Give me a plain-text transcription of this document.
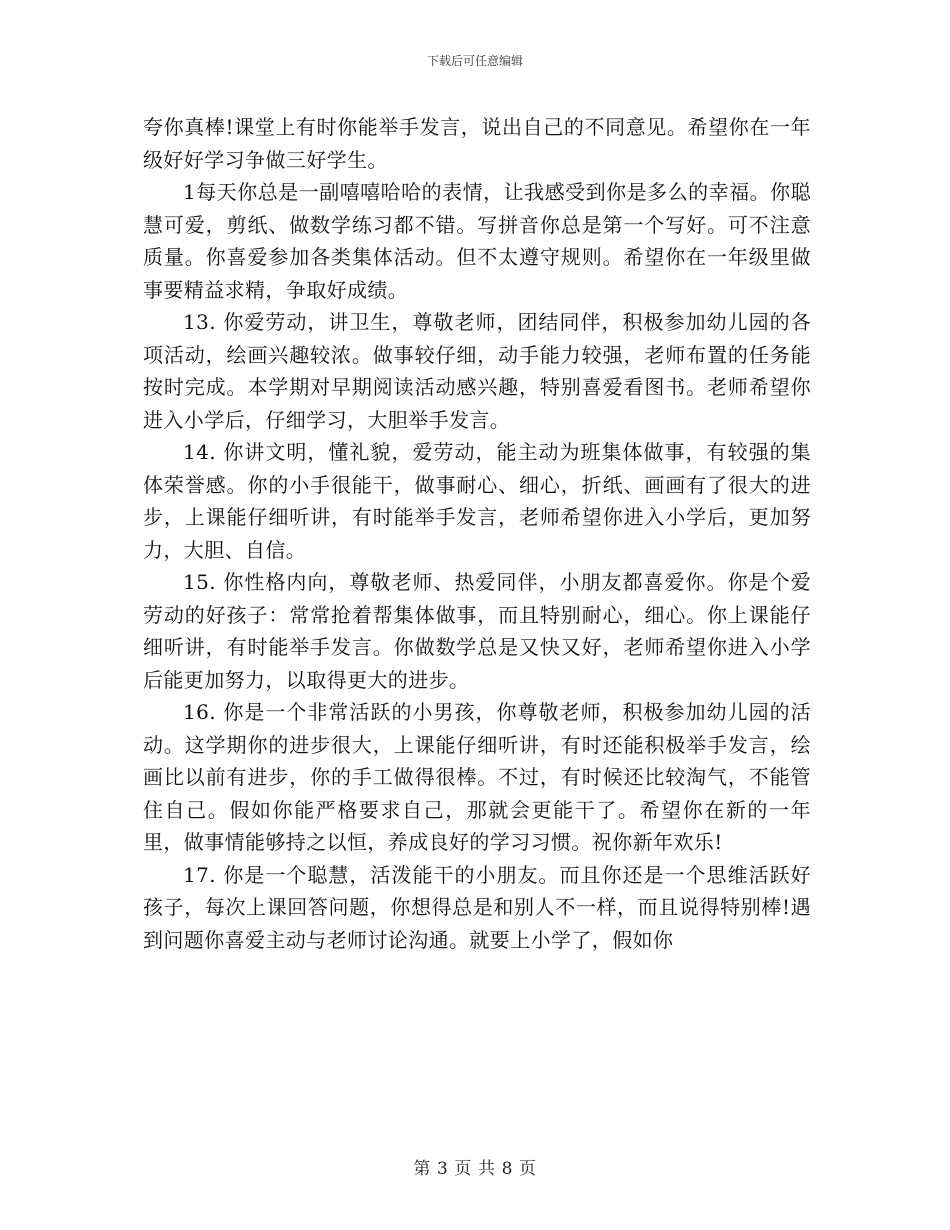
下载后可任意编辑

夸你真棒!课堂上有时你能举手发言，说出自己的不同意见。希望你在一年级好好学习争做三好学生。

1每天你总是一副嘻嘻哈哈的表情，让我感受到你是多么的幸福。你聪慧可爱，剪纸、做数学练习都不错。写拼音你总是第一个写好。可不注意质量。你喜爱参加各类集体活动。但不太遵守规则。希望你在一年级里做事要精益求精，争取好成绩。

13. 你爱劳动，讲卫生，尊敬老师，团结同伴，积极参加幼儿园的各项活动，绘画兴趣较浓。做事较仔细，动手能力较强，老师布置的任务能按时完成。本学期对早期阅读活动感兴趣，特别喜爱看图书。老师希望你进入小学后，仔细学习，大胆举手发言。

14. 你讲文明，懂礼貌，爱劳动，能主动为班集体做事，有较强的集体荣誉感。你的小手很能干，做事耐心、细心，折纸、画画有了很大的进步，上课能仔细听讲，有时能举手发言，老师希望你进入小学后，更加努力，大胆、自信。

15. 你性格内向，尊敬老师、热爱同伴，小朋友都喜爱你。你是个爱劳动的好孩子：常常抢着帮集体做事，而且特别耐心，细心。你上课能仔细听讲，有时能举手发言。你做数学总是又快又好，老师希望你进入小学后能更加努力，以取得更大的进步。

16. 你是一个非常活跃的小男孩，你尊敬老师，积极参加幼儿园的活动。这学期你的进步很大，上课能仔细听讲，有时还能积极举手发言，绘画比以前有进步，你的手工做得很棒。不过，有时候还比较淘气，不能管住自己。假如你能严格要求自己，那就会更能干了。希望你在新的一年里，做事情能够持之以恒，养成良好的学习习惯。祝你新年欢乐!

17. 你是一个聪慧，活泼能干的小朋友。而且你还是一个思维活跃好孩子，每次上课回答问题，你想得总是和别人不一样，而且说得特别棒!遇到问题你喜爱主动与老师讨论沟通。就要上小学了，假如你

第 3 页 共 8 页
